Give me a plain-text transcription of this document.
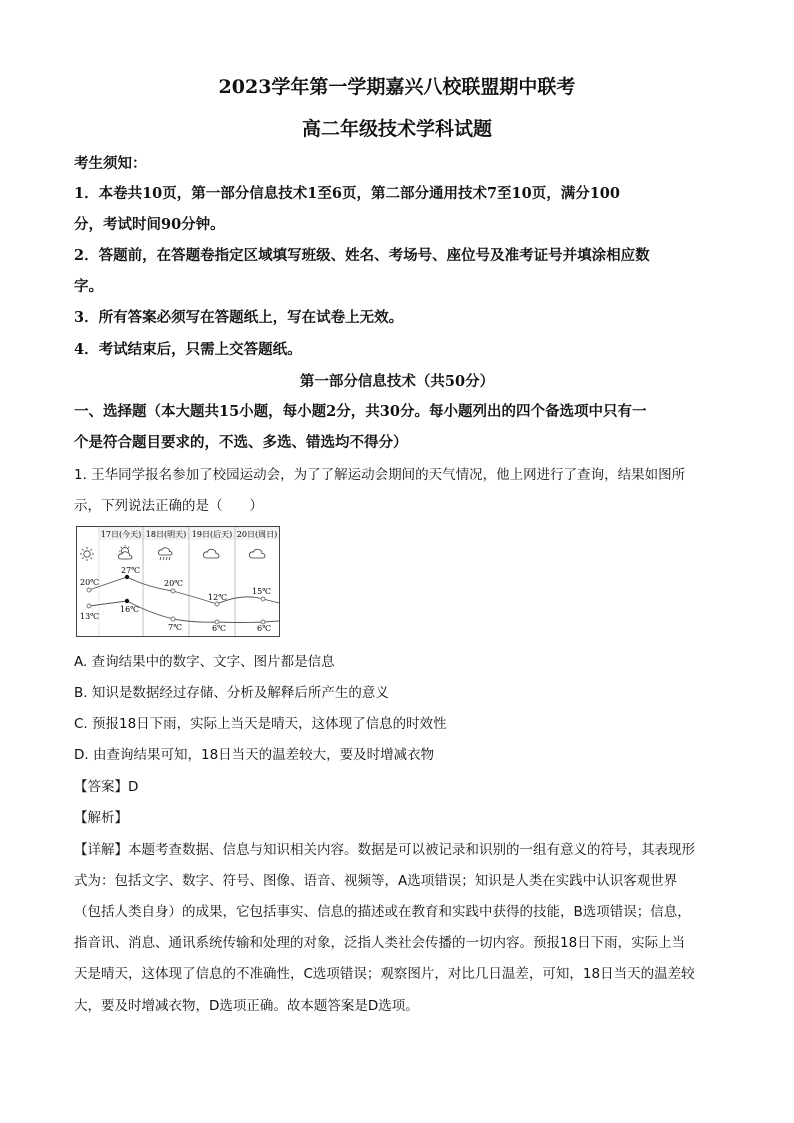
2023学年第一学期嘉兴八校联盟期中联考
高二年级技术学科试题
考生须知：
1．本卷共10页，第一部分信息技术1至6页，第二部分通用技术7至10页，满分100
分，考试时间90分钟。
2．答题前，在答题卷指定区域填写班级、姓名、考场号、座位号及准考证号并填涂相应数
字。
3．所有答案必须写在答题纸上，写在试卷上无效。
4．考试结束后，只需上交答题纸。
第一部分信息技术（共50分）
一、选择题（本大题共15小题，每小题2分，共30分。每小题列出的四个备选项中只有一
个是符合题目要求的，不选、多选、错选均不得分）
1. 王华同学报名参加了校园运动会，为了了解运动会期间的天气情况，他上网进行了查询，结果如图所
示，下列说法正确的是（　　）
17日(今天) 18日(明天) 19日(后天) 20日(周日)
20℃
27℃
20℃
12℃
15℃
13℃
16℃
7℃	6℃	6℃
A. 查询结果中的数字、文字、图片都是信息
B. 知识是数据经过存储、分析及解释后所产生的意义
C. 预报18日下雨，实际上当天是晴天，这体现了信息的时效性
D. 由查询结果可知，18日当天的温差较大，要及时增减衣物
【答案】D
【解析】
【详解】本题考查数据、信息与知识相关内容。数据是可以被记录和识别的一组有意义的符号，其表现形
式为：包括文字、数字、符号、图像、语音、视频等，A选项错误；知识是人类在实践中认识客观世界
（包括人类自身）的成果，它包括事实、信息的描述或在教育和实践中获得的技能，B选项错误；信息，
指音讯、消息、通讯系统传输和处理的对象，泛指人类社会传播的一切内容。预报18日下雨，实际上当
天是晴天，这体现了信息的不准确性，C选项错误；观察图片，对比几日温差，可知，18日当天的温差较
大，要及时增减衣物，D选项正确。故本题答案是D选项。
